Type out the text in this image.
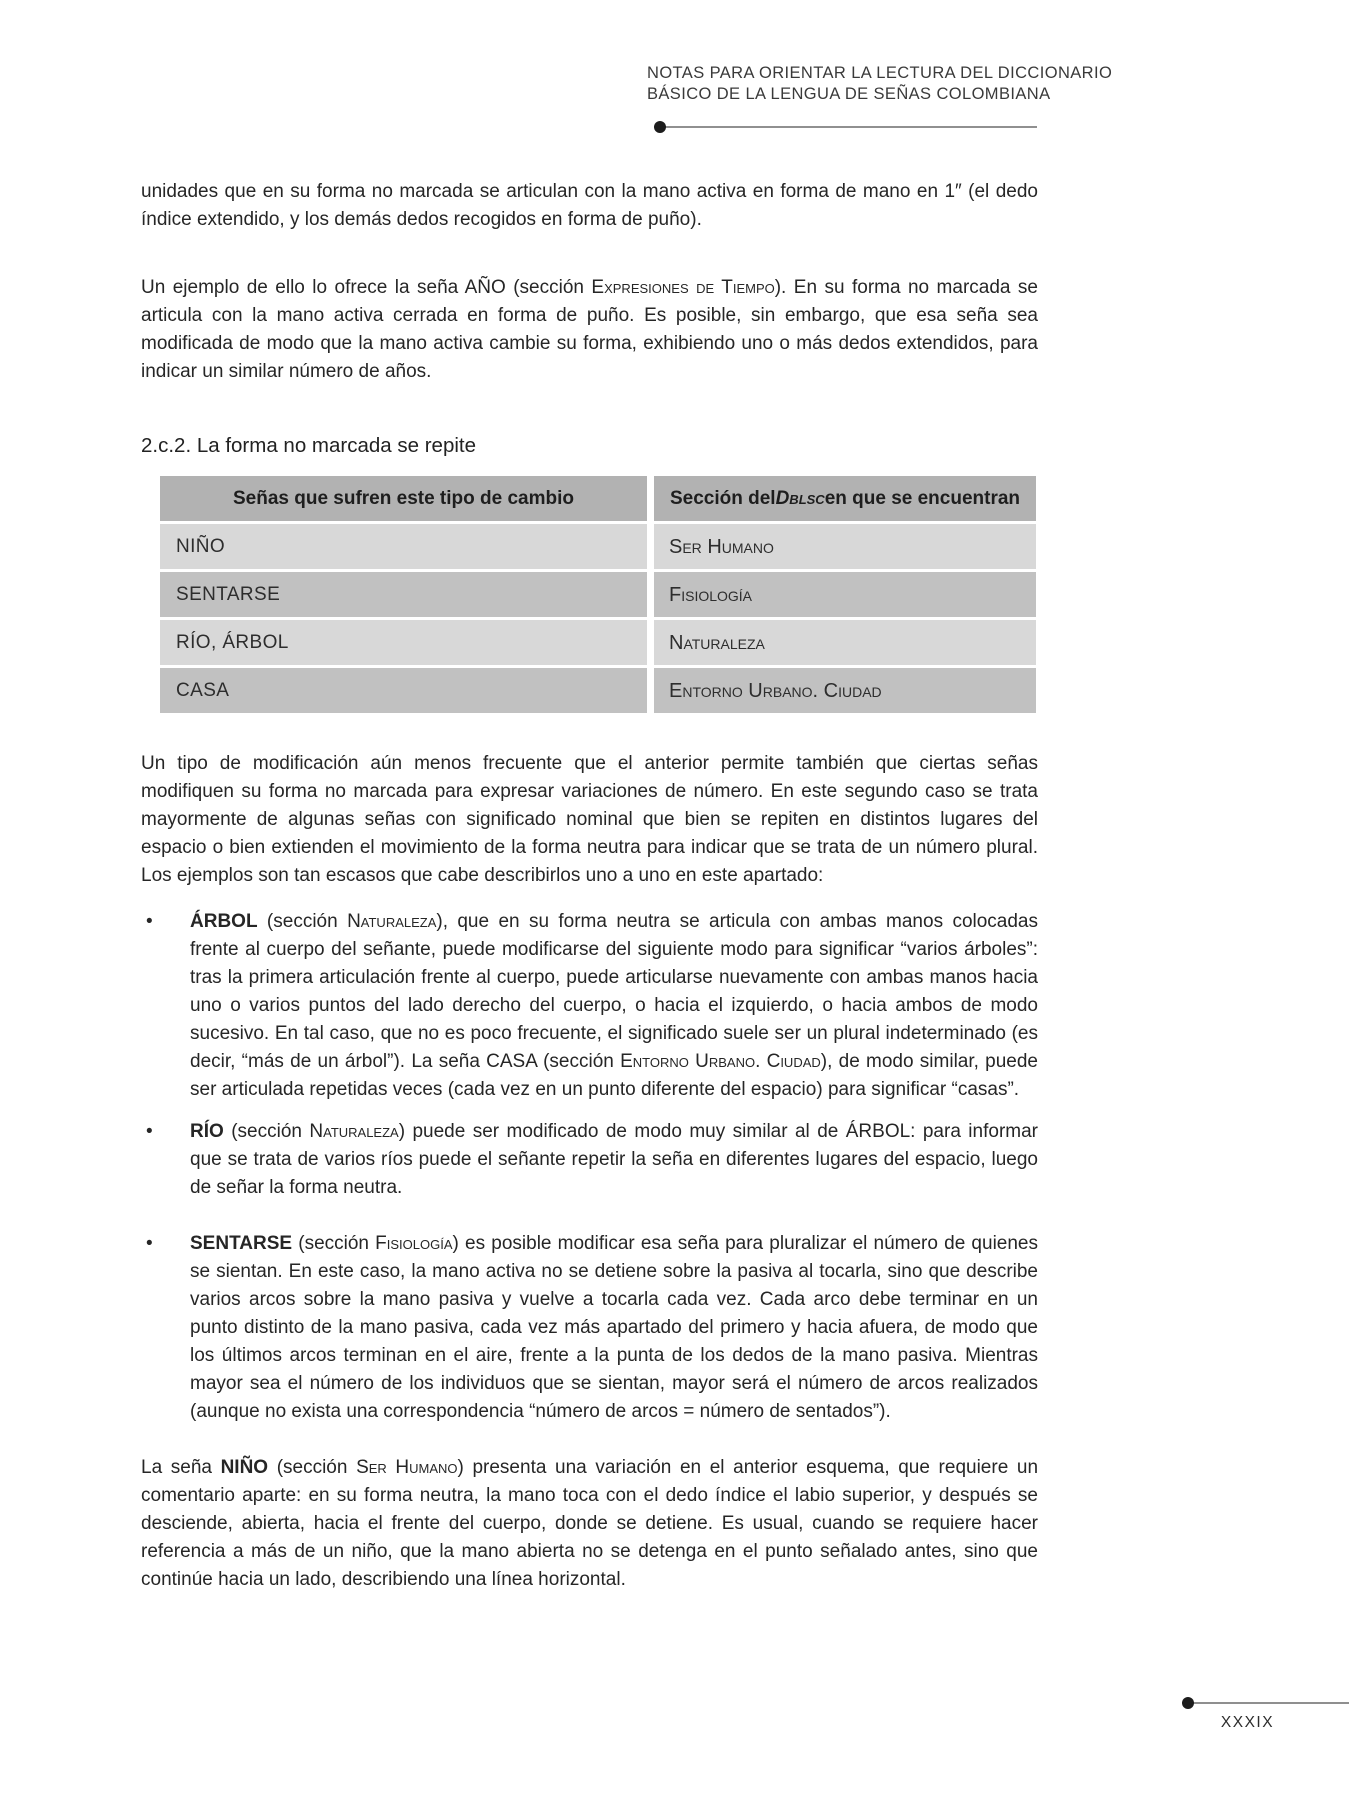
NOTAS PARA ORIENTAR LA LECTURA DEL DICCIONARIO
BÁSICO DE LA LENGUA DE SEÑAS COLOMBIANA

unidades que en su forma no marcada se articulan con la mano activa en forma de mano en 1″ (el dedo índice extendido, y los demás dedos recogidos en forma de puño).

Un ejemplo de ello lo ofrece la seña AÑO (sección Expresiones de Tiempo). En su forma no marcada se articula con la mano activa cerrada en forma de puño. Es posible, sin embargo, que esa seña sea modificada de modo que la mano activa cambie su forma, exhibiendo uno o más dedos extendidos, para indicar un similar número de años.

2.c.2. La forma no marcada se repite
Señas que sufren este tipo de cambio	Sección del Dblsc en que se encuentran
NIÑO	Ser Humano
SENTARSE	Fisiología
RÍO, ÁRBOL	Naturaleza
CASA	Entorno Urbano. Ciudad

Un tipo de modificación aún menos frecuente que el anterior permite también que ciertas señas modifiquen su forma no marcada para expresar variaciones de número. En este segundo caso se trata mayormente de algunas señas con significado nominal que bien se repiten en distintos lugares del espacio o bien extienden el movimiento de la forma neutra para indicar que se trata de un número plural. Los ejemplos son tan escasos que cabe describirlos uno a uno en este apartado:

•	ÁRBOL (sección Naturaleza), que en su forma neutra se articula con ambas manos colocadas frente al cuerpo del señante, puede modificarse del siguiente modo para significar “varios árboles”: tras la primera articulación frente al cuerpo, puede articularse nuevamente con ambas manos hacia uno o varios puntos del lado derecho del cuerpo, o hacia el izquierdo, o hacia ambos de modo sucesivo. En tal caso, que no es poco frecuente, el significado suele ser un plural indeterminado (es decir, “más de un árbol”). La seña CASA (sección Entorno Urbano. Ciudad), de modo similar, puede ser articulada repetidas veces (cada vez en un punto diferente del espacio) para significar “casas”.
•	RÍO (sección Naturaleza) puede ser modificado de modo muy similar al de ÁRBOL: para informar que se trata de varios ríos puede el señante repetir la seña en diferentes lugares del espacio, luego de señar la forma neutra.
•	SENTARSE (sección Fisiología) es posible modificar esa seña para pluralizar el número de quienes se sientan. En este caso, la mano activa no se detiene sobre la pasiva al tocarla, sino que describe varios arcos sobre la mano pasiva y vuelve a tocarla cada vez. Cada arco debe terminar en un punto distinto de la mano pasiva, cada vez más apartado del primero y hacia afuera, de modo que los últimos arcos terminan en el aire, frente a la punta de los dedos de la mano pasiva. Mientras mayor sea el número de los individuos que se sientan, mayor será el número de arcos realizados (aunque no exista una correspondencia “número de arcos = número de sentados”).

La seña NIÑO (sección Ser Humano) presenta una variación en el anterior esquema, que requiere un comentario aparte: en su forma neutra, la mano toca con el dedo índice el labio superior, y después se desciende, abierta, hacia el frente del cuerpo, donde se detiene. Es usual, cuando se requiere hacer referencia a más de un niño, que la mano abierta no se detenga en el punto señalado antes, sino que continúe hacia un lado, describiendo una línea horizontal.

XXXIX
